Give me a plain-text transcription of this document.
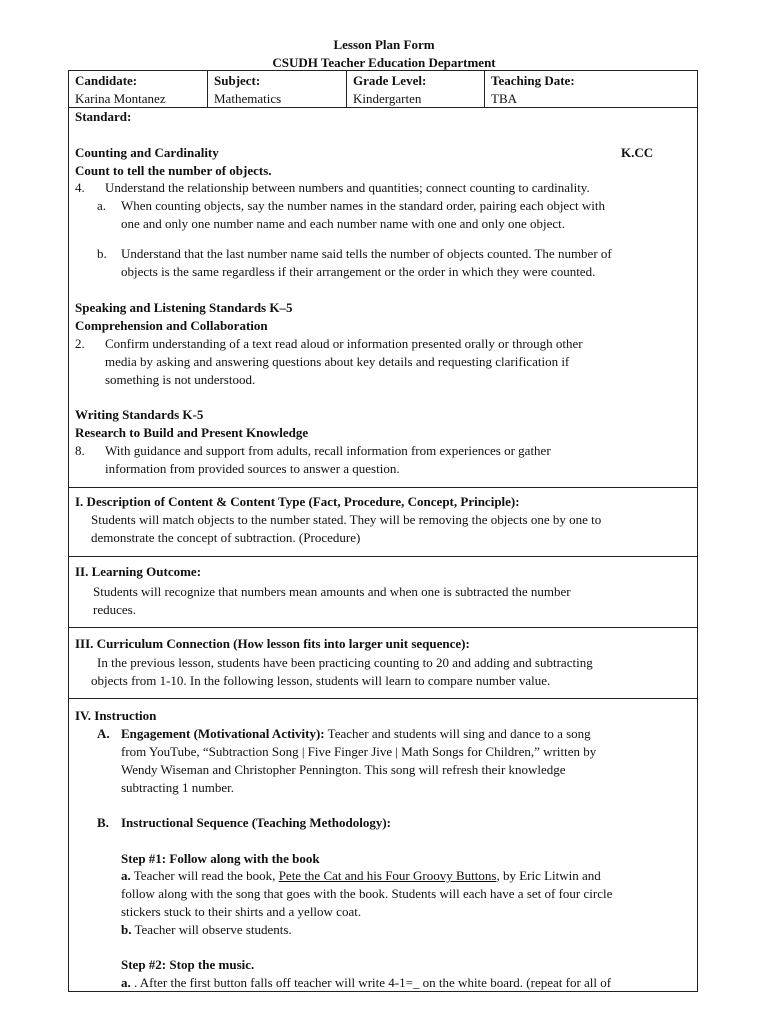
Lesson Plan Form
CSUDH Teacher Education Department
Candidate:
Karina Montanez

Subject:
Mathematics

Grade Level:
Kindergarten

Teaching Date:
TBA
Standard:
Counting and Cardinality	K.CC
Count to tell the number of objects.
4. Understand the relationship between numbers and quantities; connect counting to cardinality.
a. When counting objects, say the number names in the standard order, pairing each object with
one and only one number name and each number name with one and only one object.
b. Understand that the last number name said tells the number of objects counted. The number of
objects is the same regardless if their arrangement or the order in which they were counted.
Speaking and Listening Standards K–5
Comprehension and Collaboration
2. Confirm understanding of a text read aloud or information presented orally or through other
media by asking and answering questions about key details and requesting clarification if
something is not understood.
Writing Standards K-5
Research to Build and Present Knowledge
8. With guidance and support from adults, recall information from experiences or gather
information from provided sources to answer a question.
I. Description of Content & Content Type (Fact, Procedure, Concept, Principle):
Students will match objects to the number stated. They will be removing the objects one by one to
demonstrate the concept of subtraction. (Procedure)
II. Learning Outcome:
Students will recognize that numbers mean amounts and when one is subtracted the number
reduces.
III. Curriculum Connection (How lesson fits into larger unit sequence):
In the previous lesson, students have been practicing counting to 20 and adding and subtracting
objects from 1-10. In the following lesson, students will learn to compare number value.
IV. Instruction
A. Engagement (Motivational Activity): Teacher and students will sing and dance to a song
from YouTube, “Subtraction Song | Five Finger Jive | Math Songs for Children,” written by
Wendy Wiseman and Christopher Pennington. This song will refresh their knowledge
subtracting 1 number.
B. Instructional Sequence (Teaching Methodology):
Step #1: Follow along with the book
a. Teacher will read the book, Pete the Cat and his Four Groovy Buttons, by Eric Litwin and
follow along with the song that goes with the book. Students will each have a set of four circle
stickers stuck to their shirts and a yellow coat.
b. Teacher will observe students.
Step #2: Stop the music.
a. . After the first button falls off teacher will write 4-1=_ on the white board. (repeat for all of
